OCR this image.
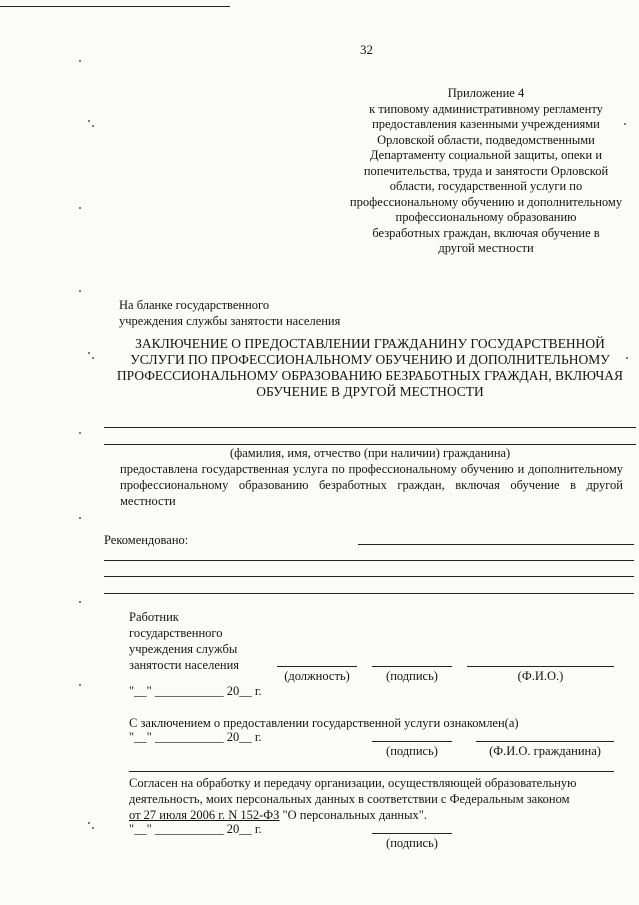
32
Приложение 4
к типовому административному регламенту
предоставления казенными учреждениями
Орловской области, подведомственными
Департаменту социальной защиты, опеки и
попечительства, труда и занятости Орловской
области, государственной услуги по
профессиональному обучению и дополнительному
профессиональному образованию
безработных граждан, включая обучение в
другой местности
На бланке государственного
учреждения службы занятости населения
ЗАКЛЮЧЕНИЕ О ПРЕДОСТАВЛЕНИИ ГРАЖДАНИНУ ГОСУДАРСТВЕННОЙ
УСЛУГИ ПО ПРОФЕССИОНАЛЬНОМУ ОБУЧЕНИЮ И ДОПОЛНИТЕЛЬНОМУ
ПРОФЕССИОНАЛЬНОМУ ОБРАЗОВАНИЮ БЕЗРАБОТНЫХ ГРАЖДАН, ВКЛЮЧАЯ
ОБУЧЕНИЕ В ДРУГОЙ МЕСТНОСТИ
(фамилия, имя, отчество (при наличии) гражданина)
предоставлена государственная услуга по профессиональному обучению и дополнительному профессиональному образованию безработных граждан, включая обучение в другой местности
Рекомендовано:
Работник
государственного
учреждения службы
занятости населения
(должность)	(подпись)	(Ф.И.О.)
"__" ___________ 20__ г.
С заключением о предоставлении государственной услуги ознакомлен(а)
"__" ___________ 20__ г.
(подпись)	(Ф.И.О. гражданина)
Согласен на обработку и передачу организации, осуществляющей образовательную
деятельность, моих персональных данных в соответствии с Федеральным законом
от 27 июля 2006 г. N 152-ФЗ "О персональных данных".
"__" ___________ 20__ г.
(подпись)
